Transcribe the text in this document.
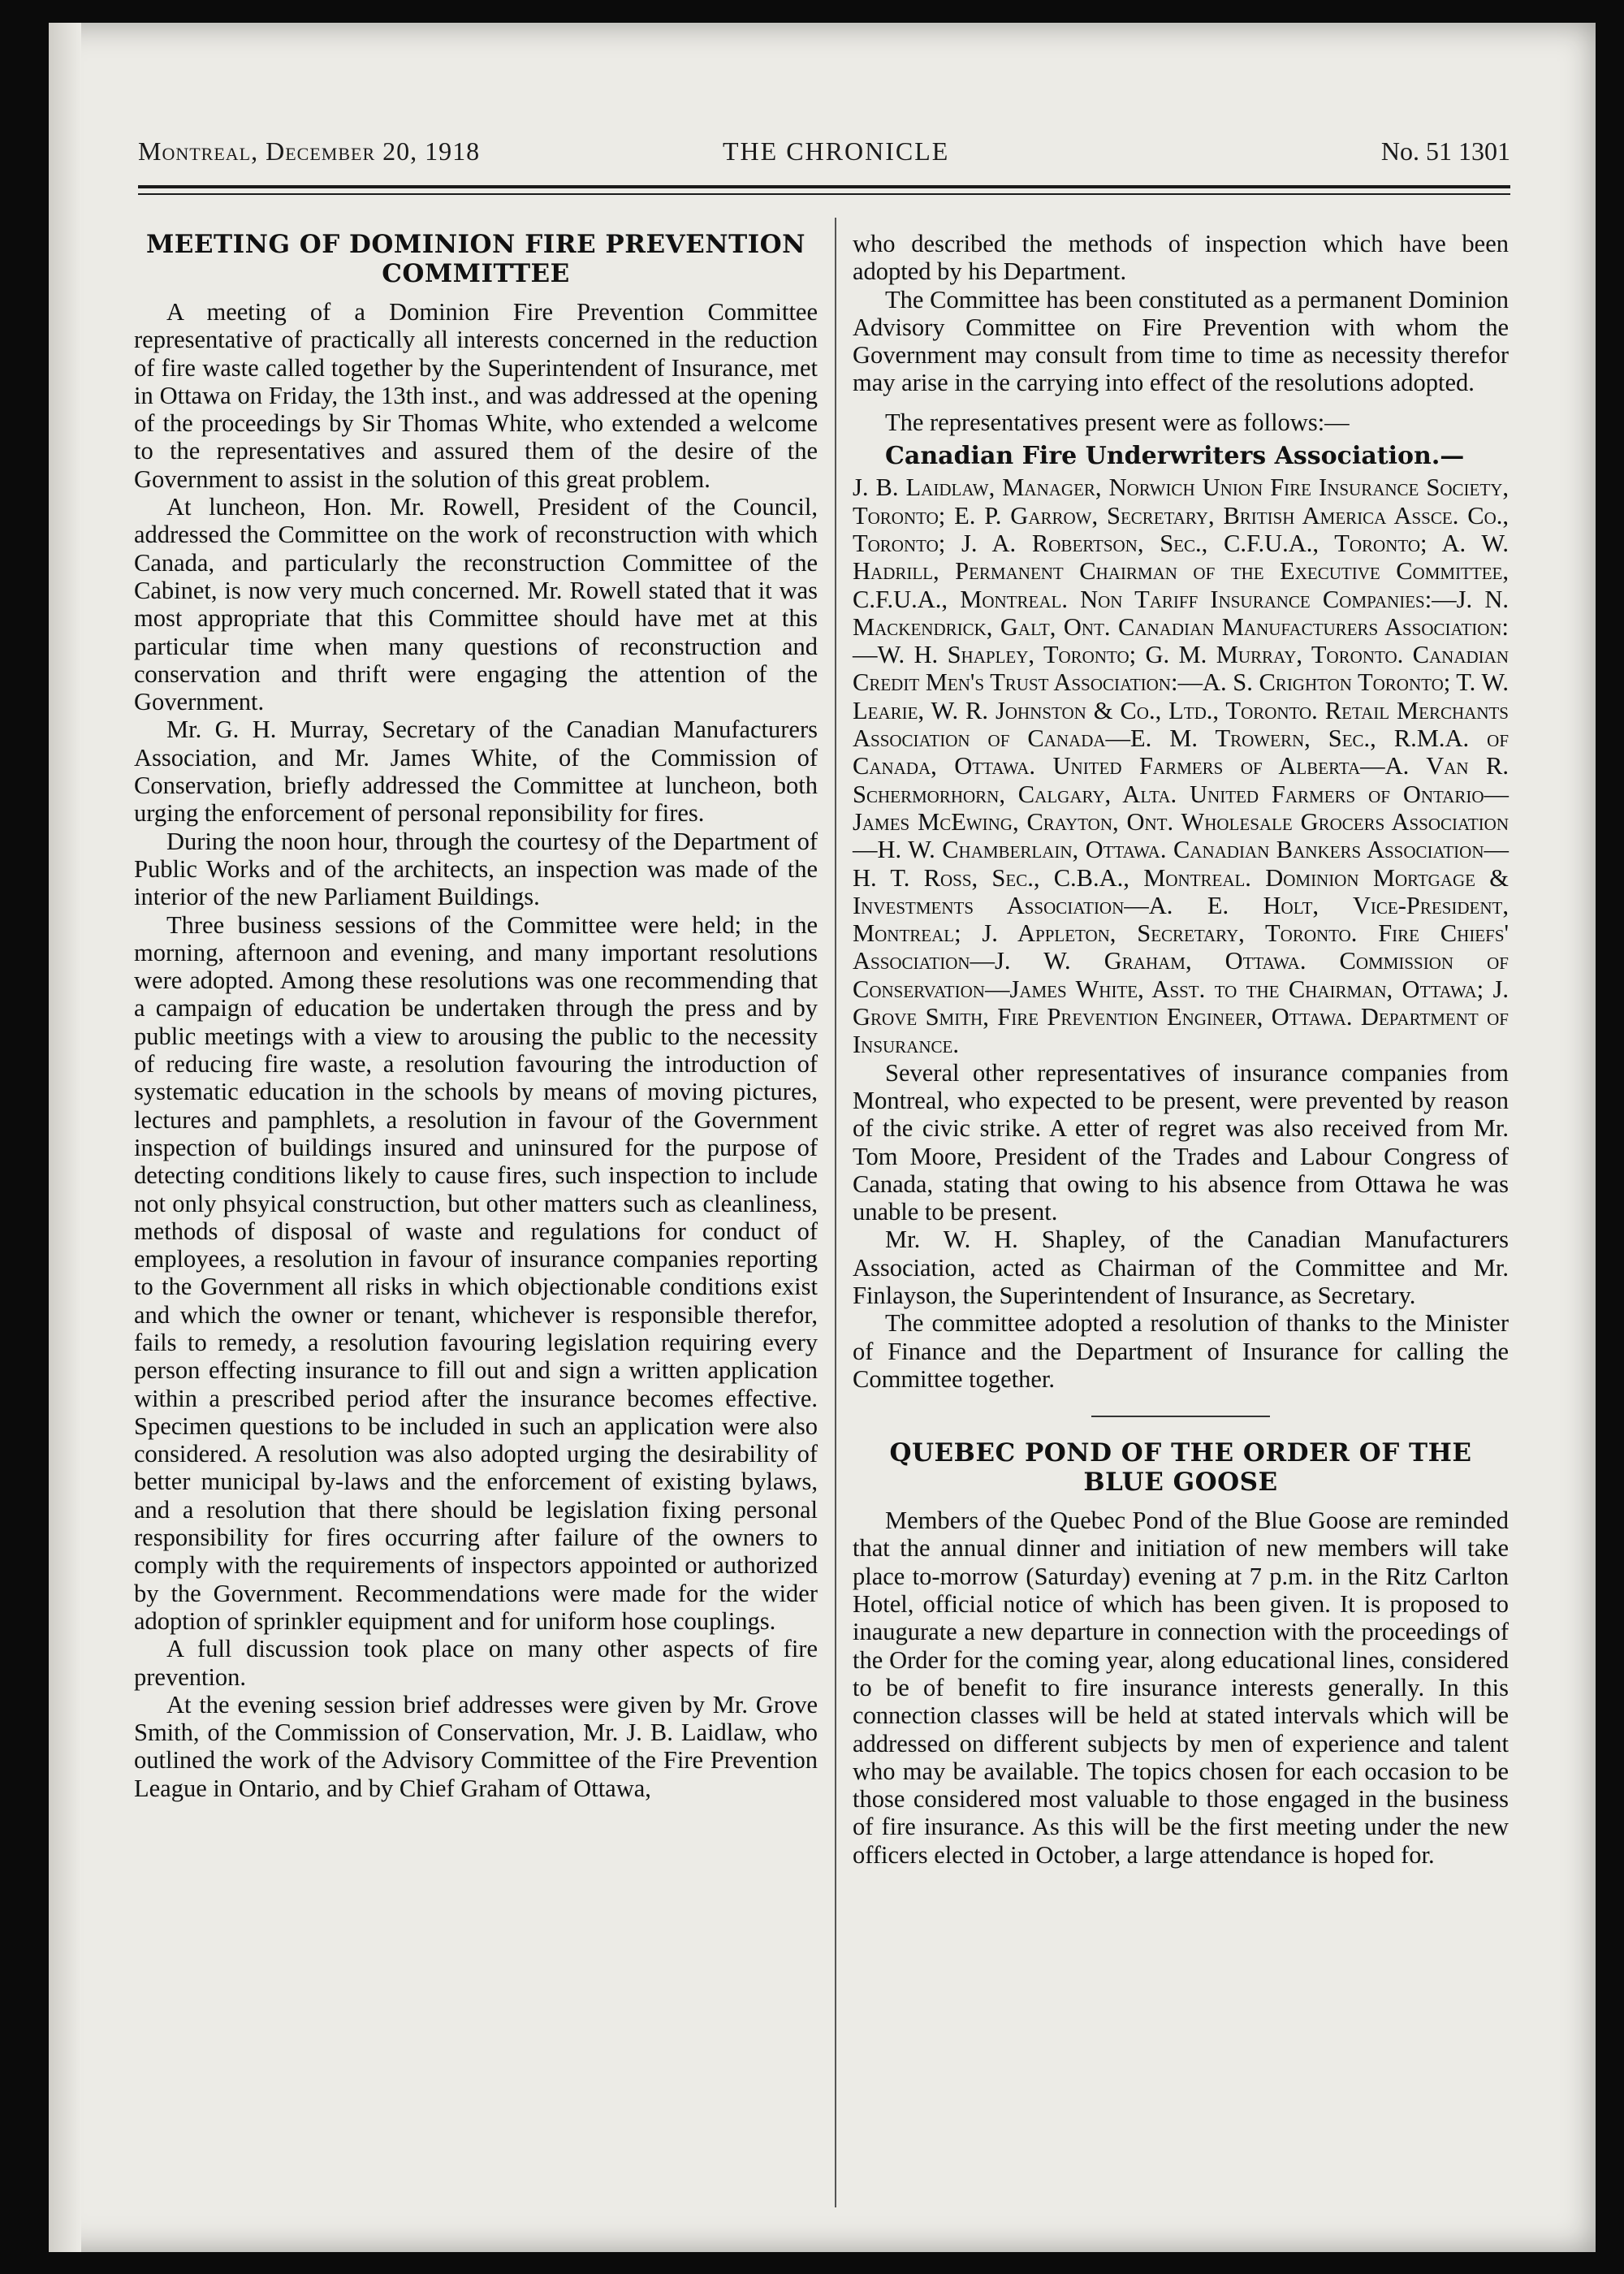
Montreal, December 20, 1918	THE CHRONICLE	No. 51 1301
MEETING OF DOMINION FIRE PREVENTION COMMITTEE

A meeting of a Dominion Fire Prevention Committee representative of practically all interests concerned in the reduction of fire waste called together by the Superintendent of Insurance, met in Ottawa on Friday, the 13th inst., and was addressed at the opening of the proceedings by Sir Thomas White, who extended a welcome to the representatives and assured them of the desire of the Government to assist in the solution of this great problem.

At luncheon, Hon. Mr. Rowell, President of the Council, addressed the Committee on the work of reconstruction with which Canada, and particularly the reconstruction Committee of the Cabinet, is now very much concerned. Mr. Rowell stated that it was most appropriate that this Committee should have met at this particular time when many questions of reconstruction and conservation and thrift were engaging the attention of the Government.

Mr. G. H. Murray, Secretary of the Canadian Manufacturers Association, and Mr. James White, of the Commission of Conservation, briefly addressed the Committee at luncheon, both urging the enforcement of personal reponsibility for fires.

During the noon hour, through the courtesy of the Department of Public Works and of the architects, an inspection was made of the interior of the new Parliament Buildings.

Three business sessions of the Committee were held; in the morning, afternoon and evening, and many important resolutions were adopted. Among these resolutions was one recommending that a campaign of education be undertaken through the press and by public meetings with a view to arousing the public to the necessity of reducing fire waste, a resolution favouring the introduction of systematic education in the schools by means of moving pictures, lectures and pamphlets, a resolution in favour of the Government inspection of buildings insured and uninsured for the purpose of detecting conditions likely to cause fires, such inspection to include not only phsyical construction, but other matters such as cleanliness, methods of disposal of waste and regulations for conduct of employees, a resolution in favour of insurance companies reporting to the Government all risks in which objectionable conditions exist and which the owner or tenant, whichever is responsible therefor, fails to remedy, a resolution favouring legislation requiring every person effecting insurance to fill out and sign a written application within a prescribed period after the insurance becomes effective. Specimen questions to be included in such an application were also considered. A resolution was also adopted urging the desirability of better municipal by-laws and the enforcement of existing bylaws, and a resolution that there should be legislation fixing personal responsibility for fires occurring after failure of the owners to comply with the requirements of inspectors appointed or authorized by the Government. Recommendations were made for the wider adoption of sprinkler equipment and for uniform hose couplings.

A full discussion took place on many other aspects of fire prevention.

At the evening session brief addresses were given by Mr. Grove Smith, of the Commission of Conservation, Mr. J. B. Laidlaw, who outlined the work of the Advisory Committee of the Fire Prevention League in Ontario, and by Chief Graham of Ottawa,

who described the methods of inspection which have been adopted by his Department.

The Committee has been constituted as a permanent Dominion Advisory Committee on Fire Prevention with whom the Government may consult from time to time as necessity therefor may arise in the carrying into effect of the resolutions adopted.

The representatives present were as follows:—

Canadian Fire Underwriters Association.—

J. B. Laidlaw, Manager, Norwich Union Fire Insurance Society, Toronto; E. P. Garrow, Secretary, British America Assce. Co., Toronto; J. A. Robertson, Sec., C.F.U.A., Toronto; A. W. Hadrill, Permanent Chairman of the Executive Committee, C.F.U.A., Montreal. Non Tariff Insurance Companies:—J. N. Mackendrick, Galt, Ont. Canadian Manufacturers Association:—W. H. Shapley, Toronto; G. M. Murray, Toronto. Canadian Credit Men's Trust Association:—A. S. Crighton Toronto; T. W. Learie, W. R. Johnston & Co., Ltd., Toronto. Retail Merchants Association of Canada—E. M. Trowern, Sec., R.M.A. of Canada, Ottawa. United Farmers of Alberta—A. Van R. Schermorhorn, Calgary, Alta. United Farmers of Ontario—James McEwing, Crayton, Ont. Wholesale Grocers Association—H. W. Chamberlain, Ottawa. Canadian Bankers Association—H. T. Ross, Sec., C.B.A., Montreal. Dominion Mortgage & Investments Association—A. E. Holt, Vice-President, Montreal; J. Appleton, Secretary, Toronto. Fire Chiefs' Association—J. W. Graham, Ottawa. Commission of Conservation—James White, Asst. to the Chairman, Ottawa; J. Grove Smith, Fire Prevention Engineer, Ottawa. Department of Insurance.

Several other representatives of insurance companies from Montreal, who expected to be present, were prevented by reason of the civic strike. A etter of regret was also received from Mr. Tom Moore, President of the Trades and Labour Congress of Canada, stating that owing to his absence from Ottawa he was unable to be present.

Mr. W. H. Shapley, of the Canadian Manufacturers Association, acted as Chairman of the Committee and Mr. Finlayson, the Superintendent of Insurance, as Secretary.

The committee adopted a resolution of thanks to the Minister of Finance and the Department of Insurance for calling the Committee together.

QUEBEC POND OF THE ORDER OF THE BLUE GOOSE

Members of the Quebec Pond of the Blue Goose are reminded that the annual dinner and initiation of new members will take place to-morrow (Saturday) evening at 7 p.m. in the Ritz Carlton Hotel, official notice of which has been given. It is proposed to inaugurate a new departure in connection with the proceedings of the Order for the coming year, along educational lines, considered to be of benefit to fire insurance interests generally. In this connection classes will be held at stated intervals which will be addressed on different subjects by men of experience and talent who may be available. The topics chosen for each occasion to be those considered most valuable to those engaged in the business of fire insurance. As this will be the first meeting under the new officers elected in October, a large attendance is hoped for.
